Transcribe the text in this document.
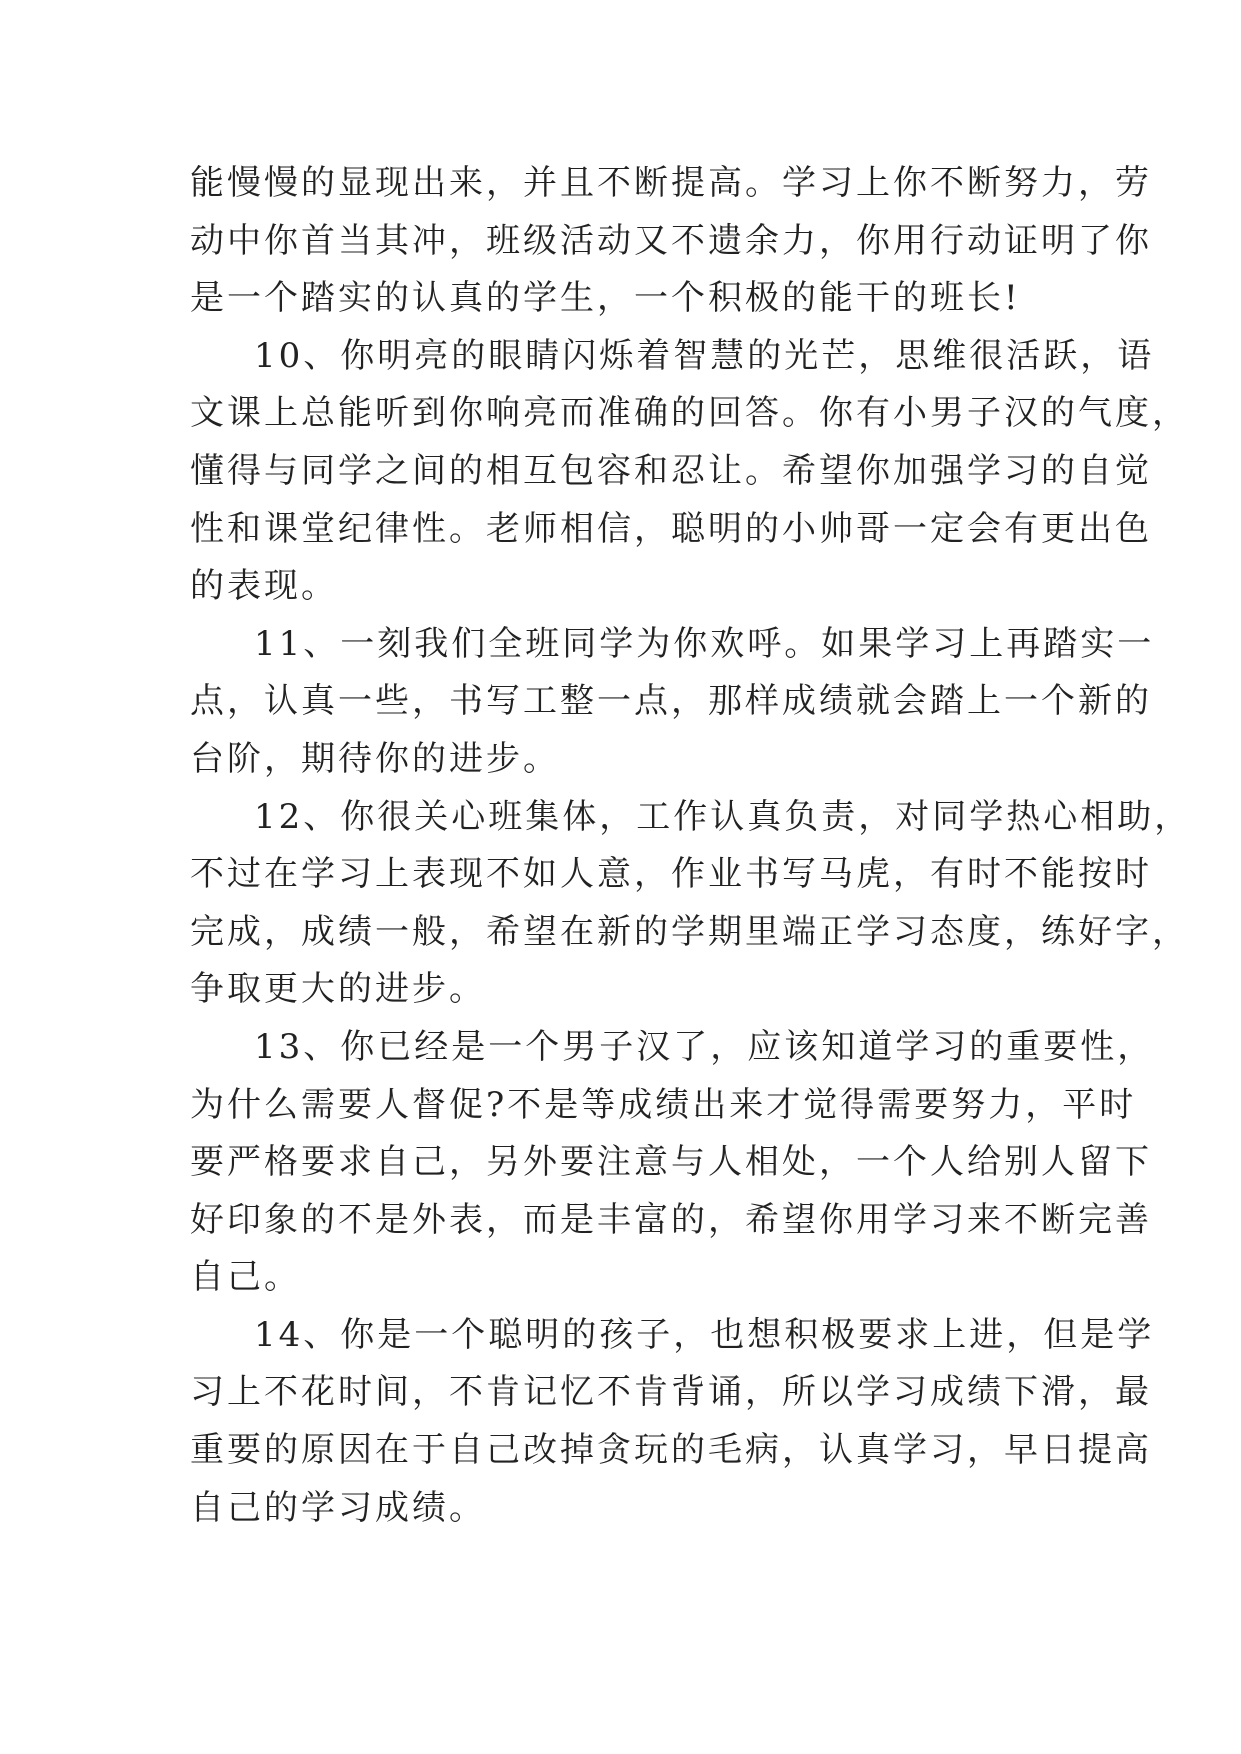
能慢慢的显现出来，并且不断提高。学习上你不断努力，劳
动中你首当其冲，班级活动又不遗余力，你用行动证明了你
是一个踏实的认真的学生，一个积极的能干的班长!
10、你明亮的眼睛闪烁着智慧的光芒，思维很活跃，语
文课上总能听到你响亮而准确的回答。你有小男子汉的气度，
懂得与同学之间的相互包容和忍让。希望你加强学习的自觉
性和课堂纪律性。老师相信，聪明的小帅哥一定会有更出色
的表现。
11、一刻我们全班同学为你欢呼。如果学习上再踏实一
点，认真一些，书写工整一点，那样成绩就会踏上一个新的
台阶，期待你的进步。
12、你很关心班集体，工作认真负责，对同学热心相助，
不过在学习上表现不如人意，作业书写马虎，有时不能按时
完成，成绩一般，希望在新的学期里端正学习态度，练好字，
争取更大的进步。
13、你已经是一个男子汉了，应该知道学习的重要性，
为什么需要人督促?不是等成绩出来才觉得需要努力，平时
要严格要求自己，另外要注意与人相处，一个人给别人留下
好印象的不是外表，而是丰富的，希望你用学习来不断完善
自己。
14、你是一个聪明的孩子，也想积极要求上进，但是学
习上不花时间，不肯记忆不肯背诵，所以学习成绩下滑，最
重要的原因在于自己改掉贪玩的毛病，认真学习，早日提高
自己的学习成绩。
